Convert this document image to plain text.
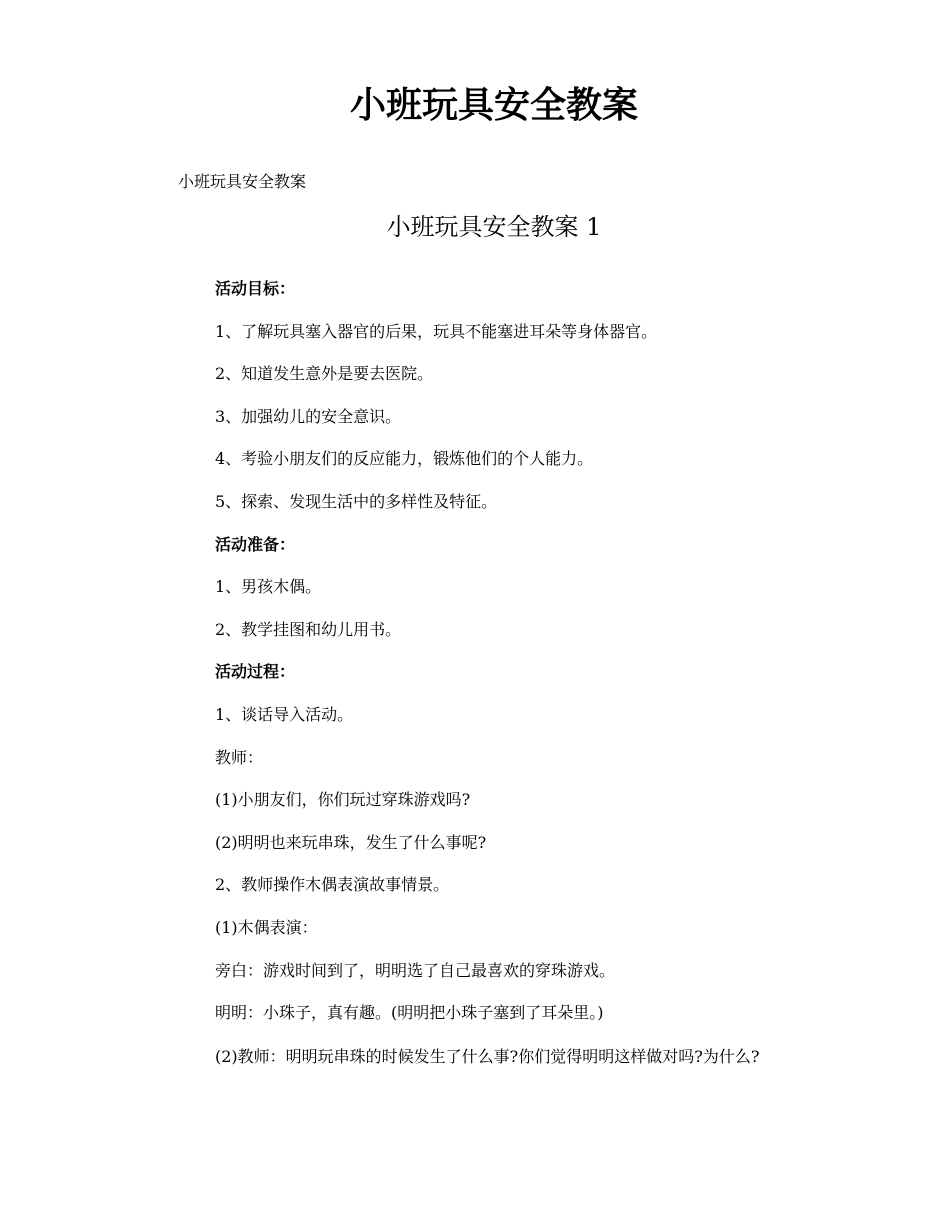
小班玩具安全教案

小班玩具安全教案

小班玩具安全教案 1

活动目标：

1、了解玩具塞入器官的后果，玩具不能塞进耳朵等身体器官。

2、知道发生意外是要去医院。

3、加强幼儿的安全意识。

4、考验小朋友们的反应能力，锻炼他们的个人能力。

5、探索、发现生活中的多样性及特征。

活动准备：

1、男孩木偶。

2、教学挂图和幼儿用书。

活动过程：

1、谈话导入活动。

教师：

(1)小朋友们，你们玩过穿珠游戏吗?

(2)明明也来玩串珠，发生了什么事呢?

2、教师操作木偶表演故事情景。

(1)木偶表演：

旁白：游戏时间到了，明明选了自己最喜欢的穿珠游戏。

明明：小珠子，真有趣。(明明把小珠子塞到了耳朵里。)

(2)教师：明明玩串珠的时候发生了什么事?你们觉得明明这样做对吗?为什么?
